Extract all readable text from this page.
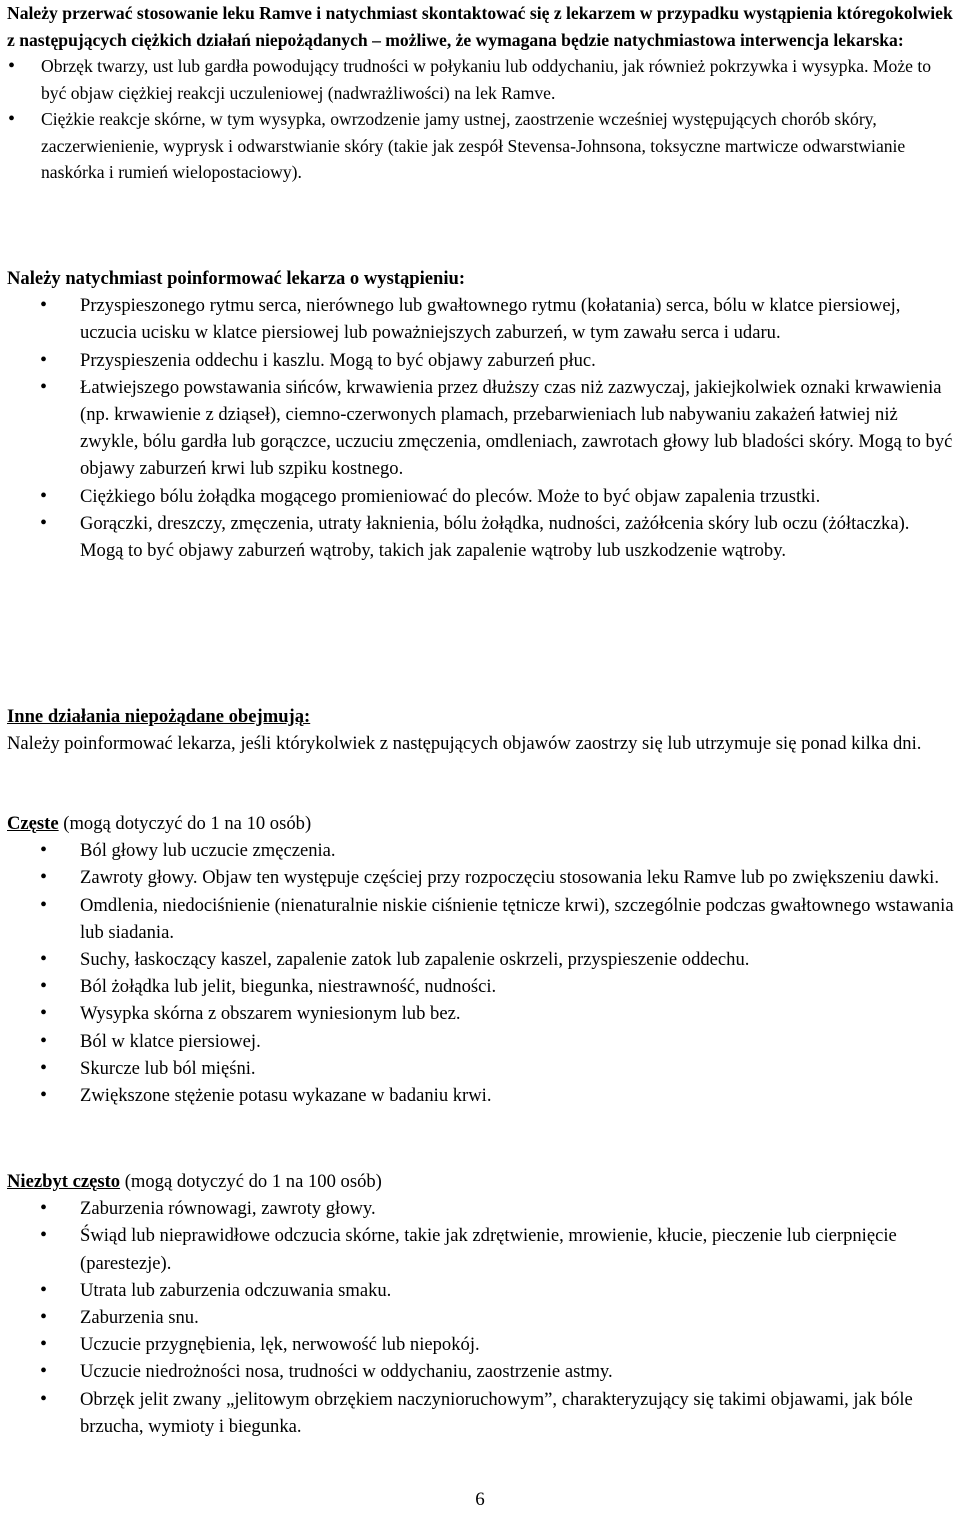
Należy przerwać stosowanie leku Ramve i natychmiast skontaktować się z lekarzem w przypadku wystąpienia któregokolwiek z następujących ciężkich działań niepożądanych – możliwe, że wymagana będzie natychmiastowa interwencja lekarska:

•
Obrzęk twarzy, ust lub gardła powodujący trudności w połykaniu lub oddychaniu, jak również pokrzywka i wysypka. Może to być objaw ciężkiej reakcji uczuleniowej (nadwrażliwości) na lek Ramve.
•
Ciężkie reakcje skórne, w tym wysypka, owrzodzenie jamy ustnej, zaostrzenie wcześniej występujących chorób skóry, zaczerwienienie, wyprysk i odwarstwianie skóry (takie jak zespół Stevensa-Johnsona, toksyczne martwicze odwarstwianie naskórka i rumień wielopostaciowy).

Należy natychmiast poinformować lekarza o wystąpieniu:

•
Przyspieszonego rytmu serca, nierównego lub gwałtownego rytmu (kołatania) serca, bólu w klatce piersiowej, uczucia ucisku w klatce piersiowej lub poważniejszych zaburzeń, w tym zawału serca i udaru.
•
Przyspieszenia oddechu i kaszlu. Mogą to być objawy zaburzeń płuc.
•
Łatwiejszego powstawania sińców, krwawienia przez dłuższy czas niż zazwyczaj, jakiejkolwiek oznaki krwawienia (np. krwawienie z dziąseł), ciemno-czerwonych plamach, przebarwieniach lub nabywaniu zakażeń łatwiej niż zwykle, bólu gardła lub gorączce, uczuciu zmęczenia, omdleniach, zawrotach głowy lub bladości skóry. Mogą to być objawy zaburzeń krwi lub szpiku kostnego.
•
Ciężkiego bólu żołądka mogącego promieniować do pleców. Może to być objaw zapalenia trzustki.
•
Gorączki, dreszczy, zmęczenia, utraty łaknienia, bólu żołądka, nudności, zażółcenia skóry lub oczu (żółtaczka). Mogą to być objawy zaburzeń wątroby, takich jak zapalenie wątroby lub uszkodzenie wątroby.

Inne działania niepożądane obejmują:

Należy poinformować lekarza, jeśli którykolwiek z następujących objawów zaostrzy się lub utrzymuje się ponad kilka dni.

Częste (mogą dotyczyć do 1 na 10 osób)

•
Ból głowy lub uczucie zmęczenia.
•
Zawroty głowy. Objaw ten występuje częściej przy rozpoczęciu stosowania leku Ramve lub po zwiększeniu dawki.
•
Omdlenia, niedociśnienie (nienaturalnie niskie ciśnienie tętnicze krwi), szczególnie podczas gwałtownego wstawania lub siadania.
•
Suchy, łaskoczący kaszel, zapalenie zatok lub zapalenie oskrzeli, przyspieszenie oddechu.
•
Ból żołądka lub jelit, biegunka, niestrawność, nudności.
•
Wysypka skórna z obszarem wyniesionym lub bez.
•
Ból w klatce piersiowej.
•
Skurcze lub ból mięśni.
•
Zwiększone stężenie potasu wykazane w badaniu krwi.

Niezbyt często (mogą dotyczyć do 1 na 100 osób)

•
Zaburzenia równowagi, zawroty głowy.
•
Świąd lub nieprawidłowe odczucia skórne, takie jak zdrętwienie, mrowienie, kłucie, pieczenie lub cierpnięcie (parestezje).
•
Utrata lub zaburzenia odczuwania smaku.
•
Zaburzenia snu.
•
Uczucie przygnębienia, lęk, nerwowość lub niepokój.
•
Uczucie niedrożności nosa, trudności w oddychaniu, zaostrzenie astmy.
•
Obrzęk jelit zwany „jelitowym obrzękiem naczynioruchowym”, charakteryzujący się takimi objawami, jak bóle brzucha, wymioty i biegunka.
6
